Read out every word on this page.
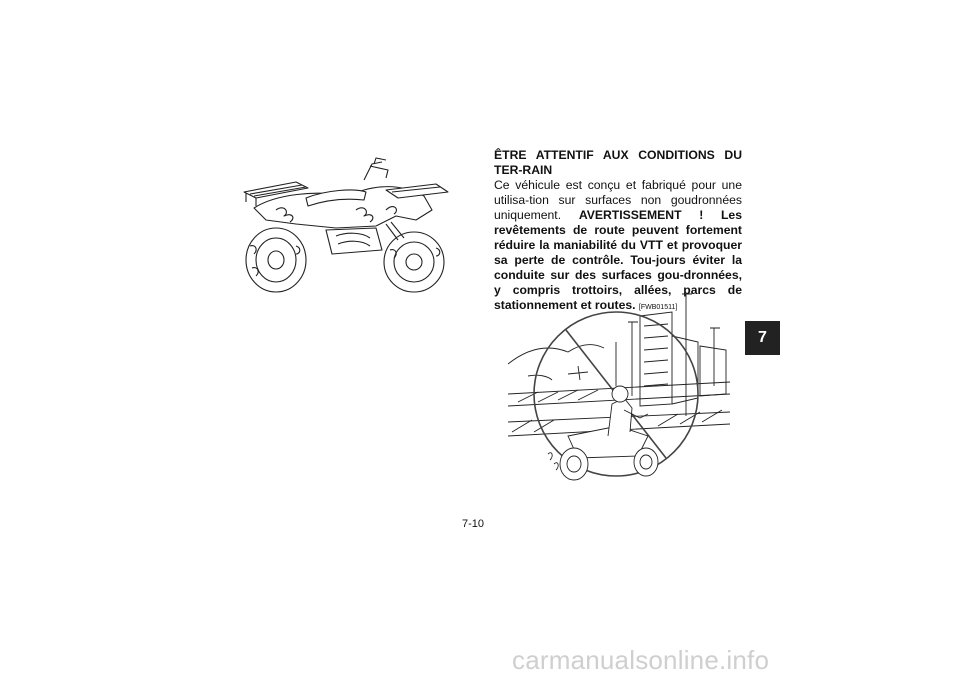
ÊTRE ATTENTIF AUX CONDITIONS DU TER-RAIN

Ce véhicule est conçu et fabriqué pour une utilisa-tion sur surfaces non goudronnées uniquement. AVERTISSEMENT ! Les revêtements de route peuvent fortement réduire la maniabilité du VTT et provoquer sa perte de contrôle. Tou-jours éviter la conduite sur des surfaces gou-dronnées, y compris trottoirs, allées, parcs de stationnement et routes. [FWB01511]

7-10
7
carmanualsonline.info
